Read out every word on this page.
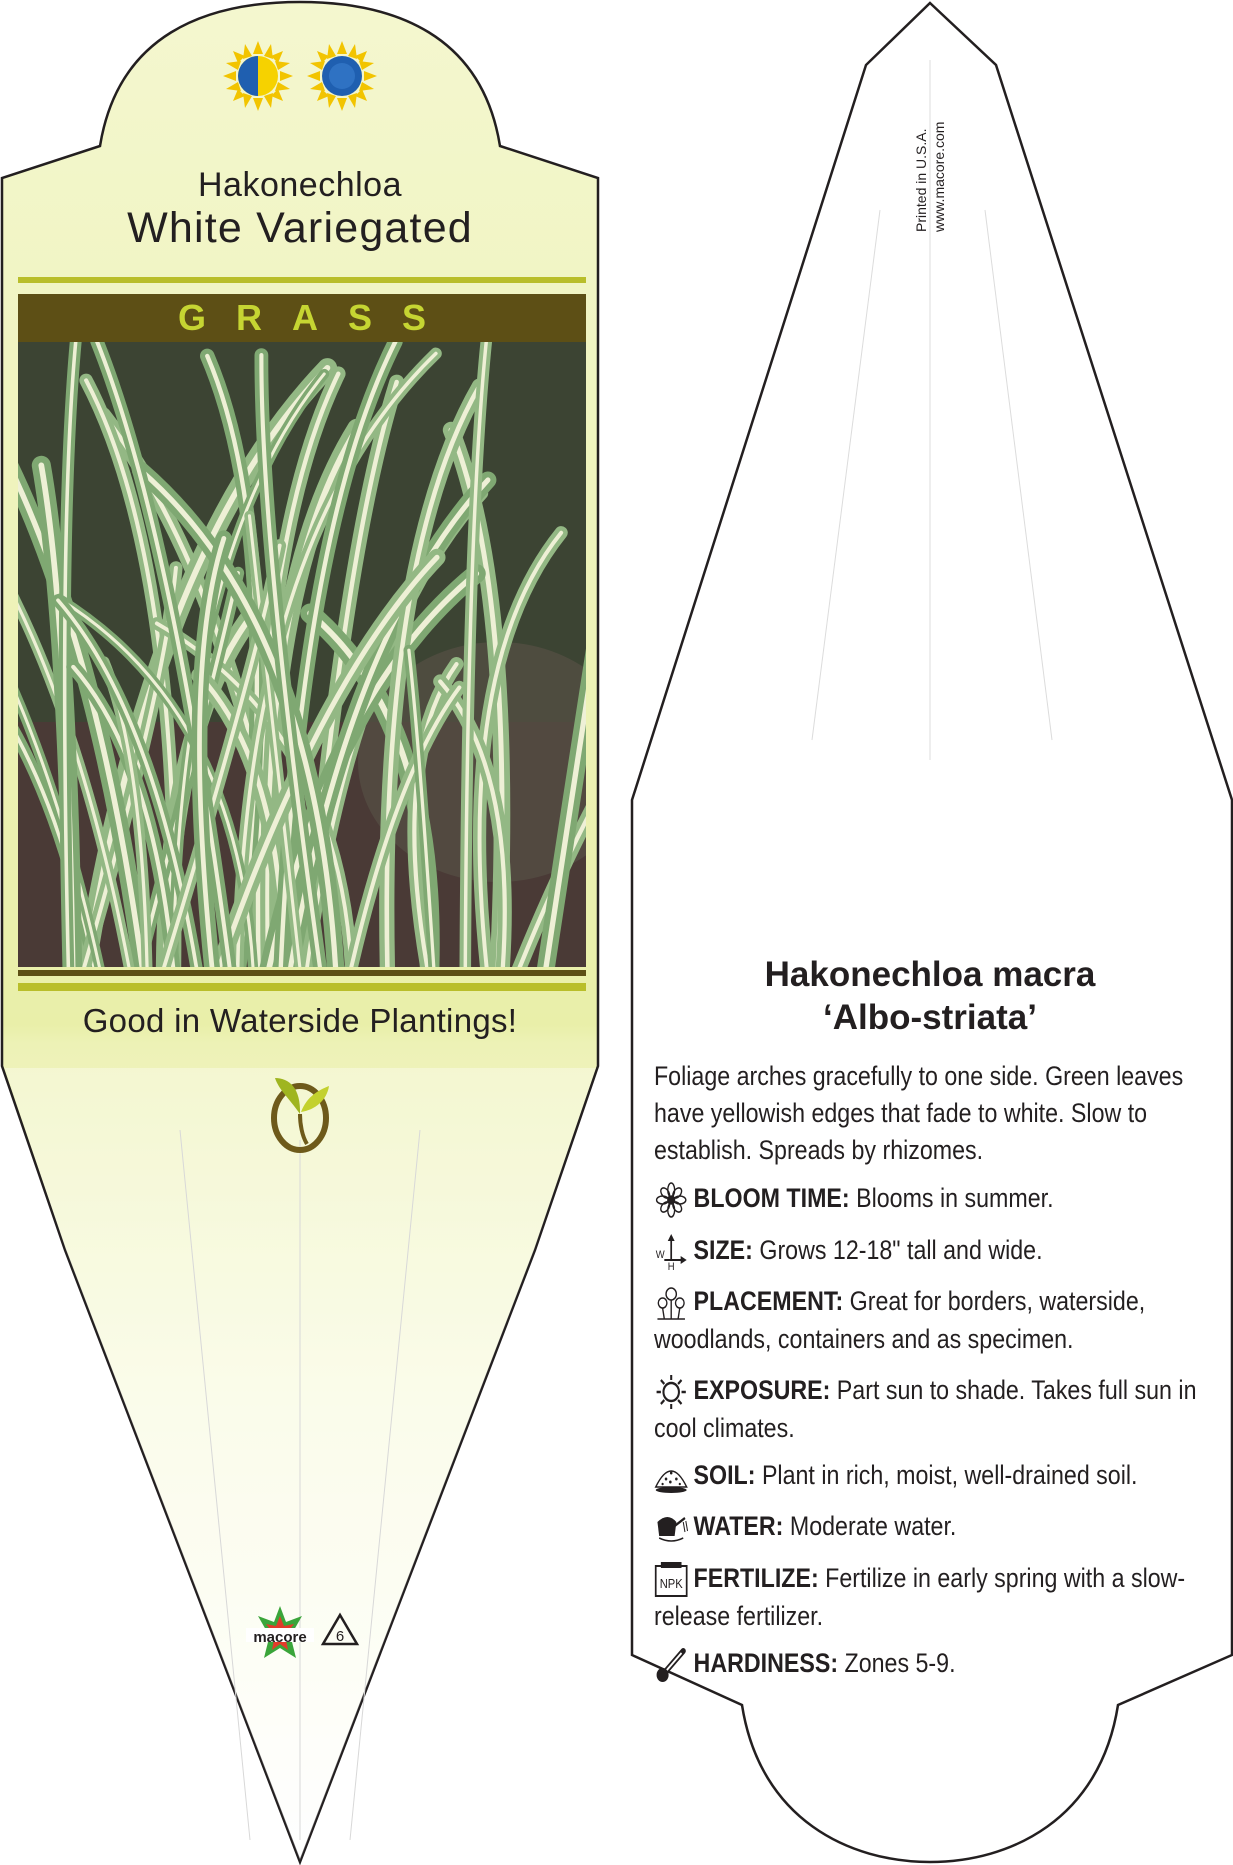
Hakonechloa
White Variegated
GRASS
Good in Waterside Plantings!
macore 6
Printed in U.S.A. www.macore.com
Hakonechloa macra
‘Albo-striata’
Foliage arches gracefully to one side. Green leaves have yellowish edges that fade to white. Slow to establish. Spreads by rhizomes.
BLOOM TIME: Blooms in summer.
W
H
SIZE: Grows 12-18" tall and wide.
PLACEMENT: Great for borders, waterside, woodlands, containers and as specimen.
EXPOSURE: Part sun to shade. Takes full sun in cool climates.
SOIL: Plant in rich, moist, well-drained soil.
WATER: Moderate water.
NPK FERTILIZE: Fertilize in early spring with a slow-release fertilizer.
HARDINESS: Zones 5-9.
